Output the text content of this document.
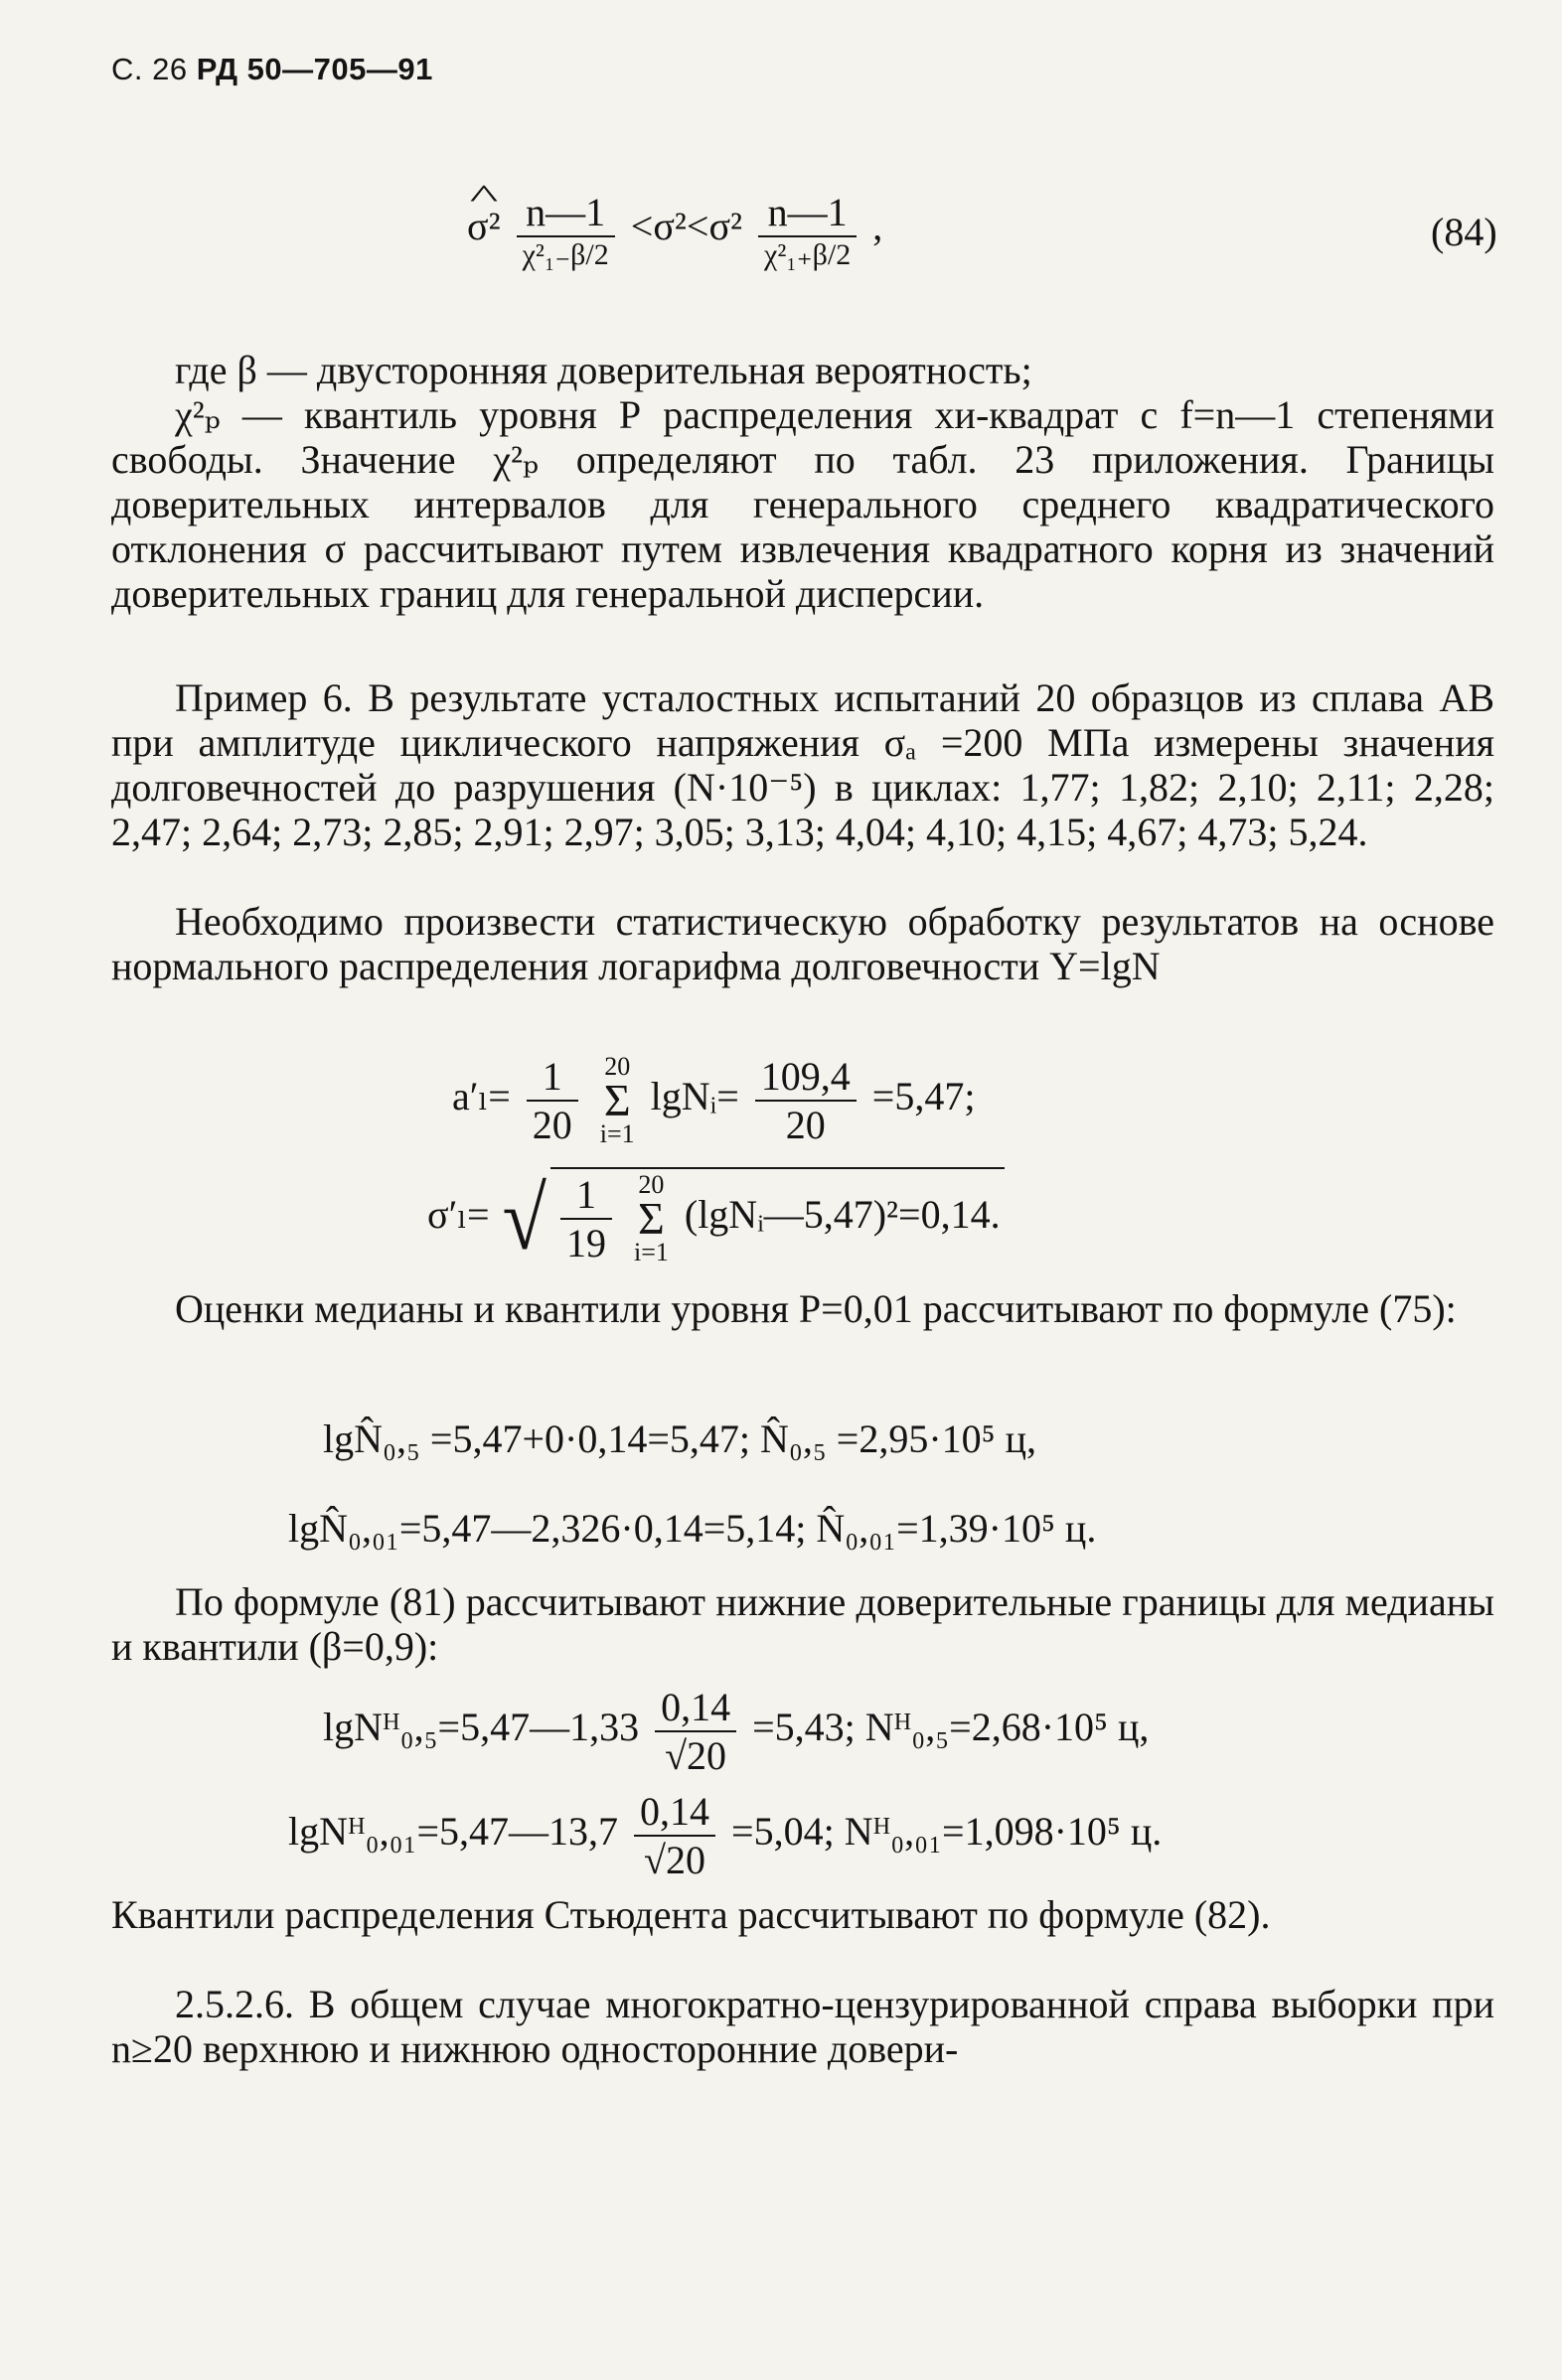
С. 26 РД 50—705—91
^ $\sigma^2 \frac{n—1}{\text{χ²₁₋β/2}} <\sigma^2<\sigma^2 \frac{n—1}{\text{χ²₁₊β/2}}$ ,	(84)
где β — двусторонняя доверительная вероятность;
χ²ₚ — квантиль уровня Р распределения хи-квадрат с f=n—1 степенями свободы. Значение χ²ₚ определяют по табл. 23 приложения. Границы доверительных интервалов для генерального среднего квадратического отклонения σ рассчитывают путем извлечения квадратного корня из значений доверительных границ для генеральной дисперсии.
Пример 6. В результате усталостных испытаний 20 образцов из сплава АВ при амплитуде циклического напряжения σₐ =200 МПа измерены значения долговечностей до разрушения (N·10⁻⁵) в циклах: 1,77; 1,82; 2,10; 2,11; 2,28; 2,47; 2,64; 2,73; 2,85; 2,91; 2,97; 3,05; 3,13; 4,04; 4,10; 4,15; 4,67; 4,73; 5,24.
Необходимо произвести статистическую обработку результатов на основе нормального распределения логарифма долговечности Y=lgN
$a'_l= \frac{1}{20} 20$
Σ
i=1 lgNᵢ= $\frac{109,4}{20} =5,47$;
σ′ₗ= √ $\frac{1}{19} 20$
Σ
i=1 (lgNᵢ—5,47)²=0,14.
Оценки медианы и квантили уровня P=0,01 рассчитывают по формуле (75):
lgN̂₀,₅ =5,47+0·0,14=5,47; N̂₀,₅ =2,95·10⁵ ц,
lgN̂₀,₀₁=5,47—2,326·0,14=5,14; N̂₀,₀₁=1,39·10⁵ ц.
По формуле (81) рассчитывают нижние доверительные границы для медианы и квантили (β=0,9):
lgNᴴ₀,₅=5,47—1,33 $\frac{0,14}{√20} =5,43$; Nᴴ₀,₅=2,68·10⁵ ц,
lgNᴴ₀,₀₁=5,47—13,7 $\frac{0,14}{√20} =5,04$; Nᴴ₀,₀₁=1,098·10⁵ ц.
Квантили распределения Стьюдента рассчитывают по формуле (82).
2.5.2.6. В общем случае многократно-цензурированной справа выборки при n≥20 верхнюю и нижнюю односторонние довери-
